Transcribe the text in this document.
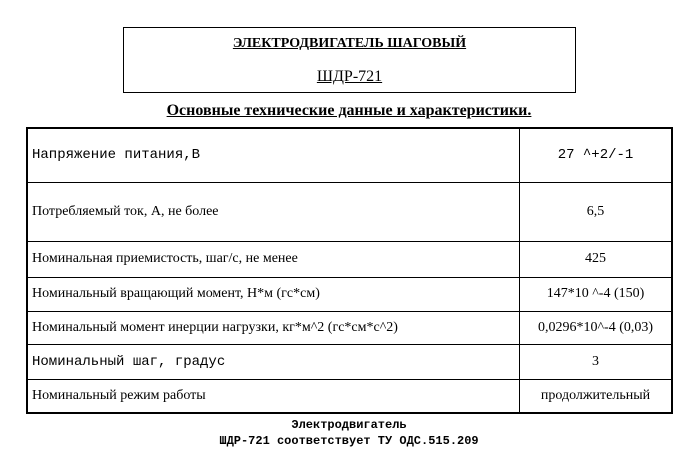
ЭЛЕКТРОДВИГАТЕЛЬ ШАГОВЫЙ
ШДР-721
Основные технические данные и характеристики.
Напряжение питания,В	27 ^+2/-1
Потребляемый ток, А, не более	6,5
Номинальная приемистость, шаг/с, не менее	425
Номинальный вращающий момент, Н*м (гс*см)	147*10 ^-4 (150)
Номинальный момент инерции нагрузки, кг*м^2 (гс*см*с^2)	0,0296*10^-4 (0,03)
Номинальный шаг, градус	3
Номинальный режим работы	продолжительный
Электродвигатель
ШДР-721 соответствует ТУ ОДС.515.209
